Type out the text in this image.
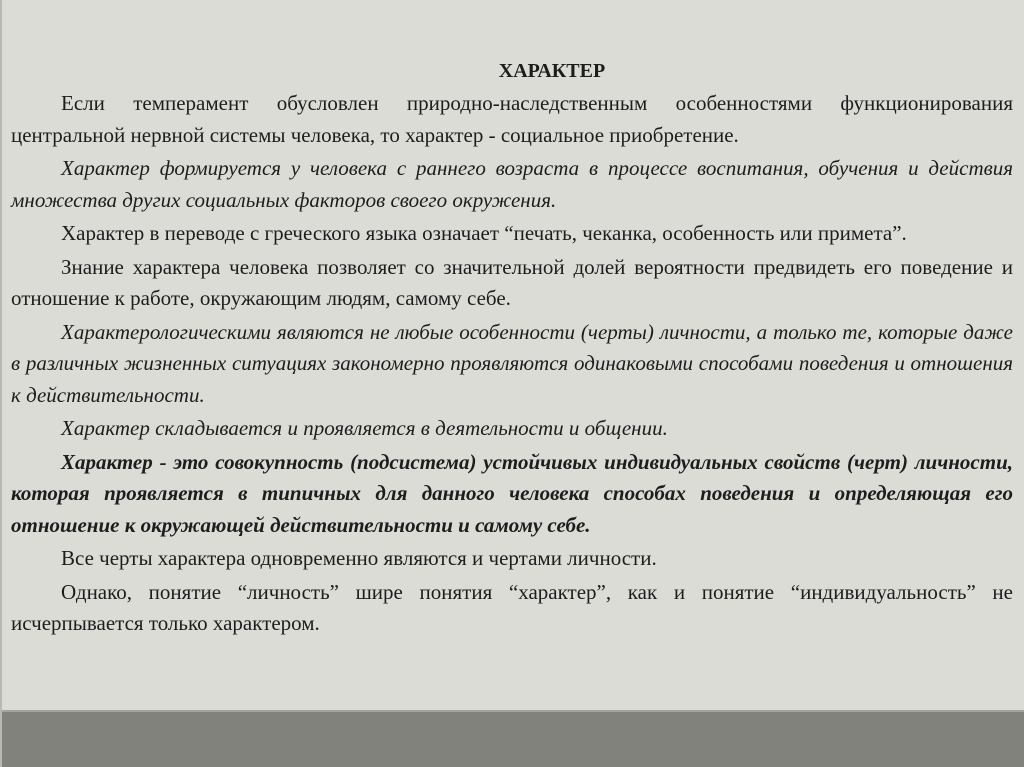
ХАРАКТЕР

Если темперамент обусловлен природно-наследственным особенностями функционирования центральной нервной системы человека, то характер - социальное приобретение.

Характер формируется у человека с раннего возраста в процессе воспитания, обучения и действия множества других социальных факторов своего окружения.

Характер в переводе с греческого языка означает “печать, чеканка, особенность или примета”.

Знание характера человека позволяет со значительной долей вероятности предвидеть его поведение и отношение к работе, окружающим людям, самому себе.

Характерологическими являются не любые особенности (черты) личности, а только те, которые даже в различных жизненных ситуациях закономерно проявляются одинаковыми способами поведения и отношения к действительности.

Характер складывается и проявляется в деятельности и общении.

Характер - это совокупность (подсистема) устойчивых индивидуальных свойств (черт) личности, которая проявляется в типичных для данного человека способах поведения и определяющая его отношение к окружающей действительности и самому себе.

Все черты характера одновременно являются и чертами личности.

Однако, понятие “личность” шире понятия “характер”, как и понятие “индивидуальность” не исчерпывается только характером.
